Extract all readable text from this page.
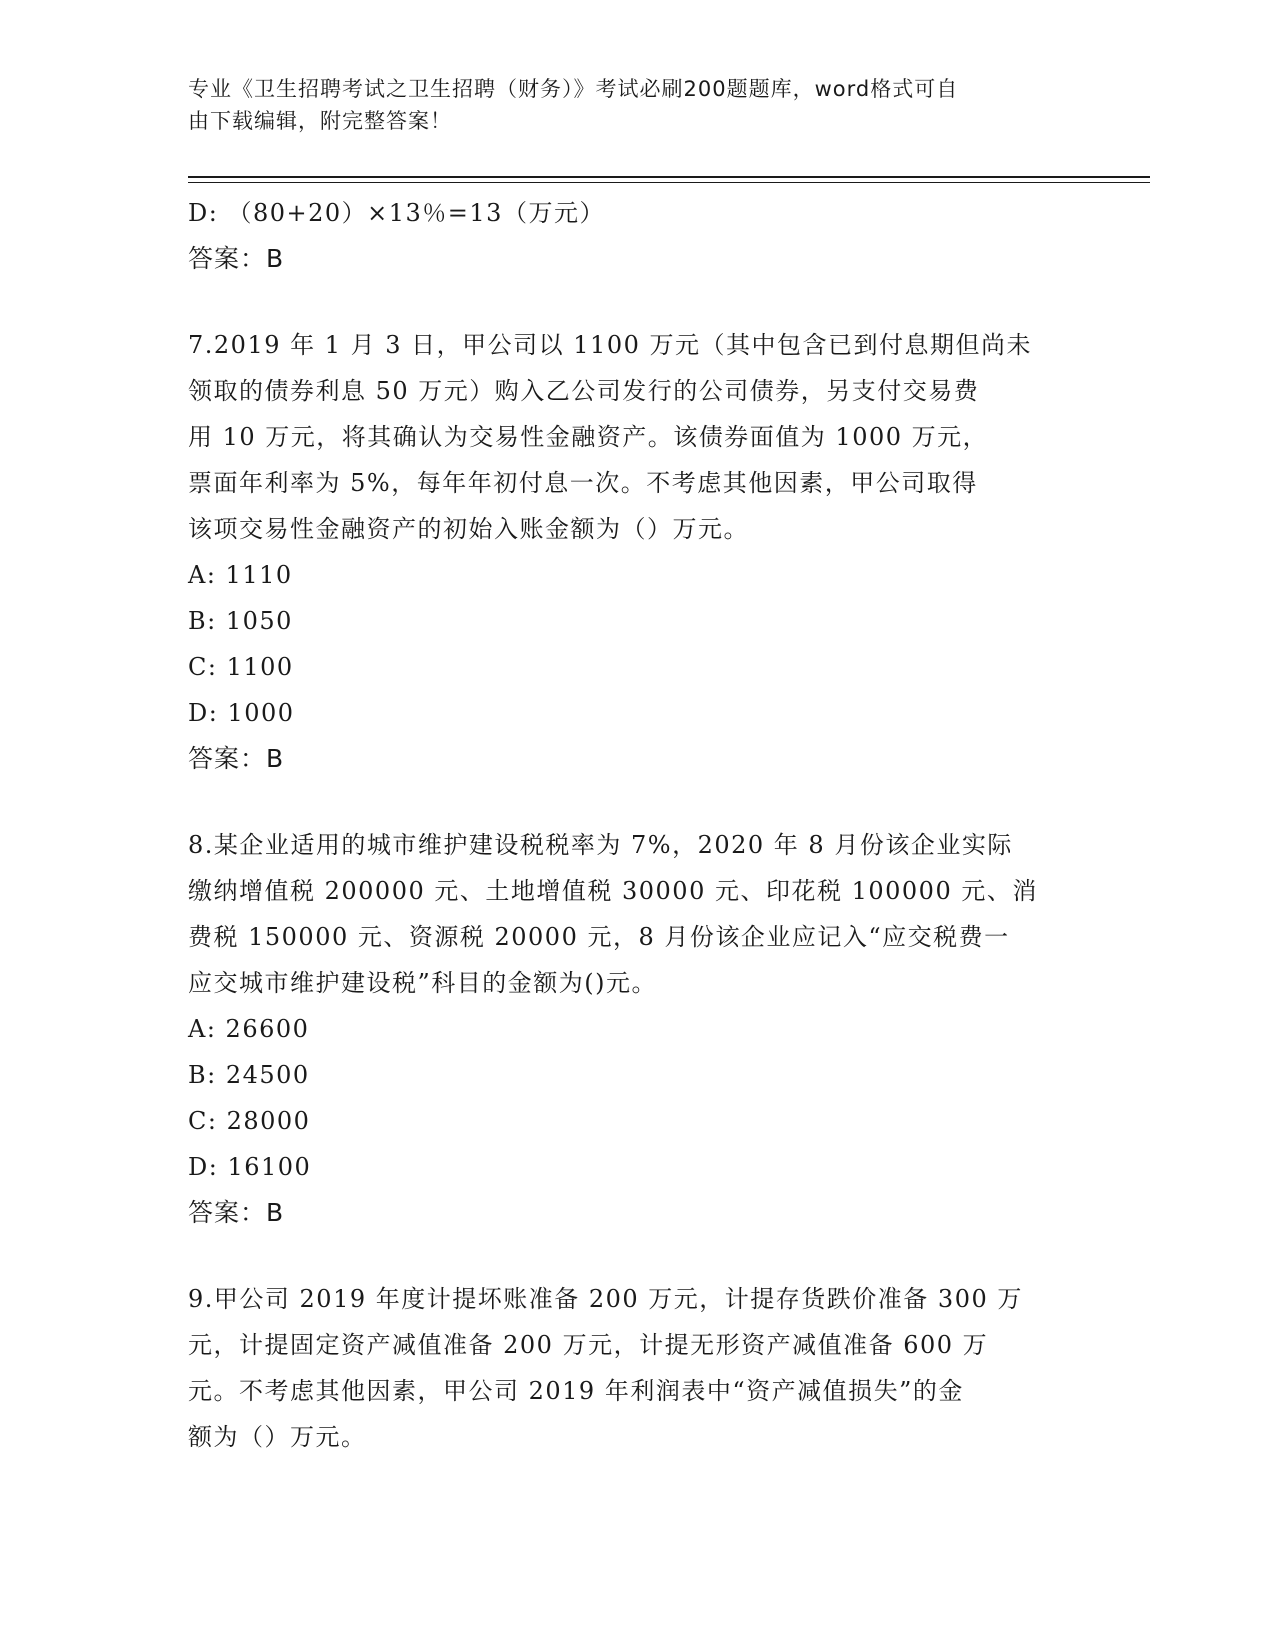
专业《卫生招聘考试之卫生招聘（财务）》考试必刷200题题库，word格式可自
由下载编辑，附完整答案！
D: （80+20）×13％=13（万元）
答案：B
7.2019 年 1 月 3 日，甲公司以 1100 万元（其中包含已到付息期但尚未
领取的债券利息 50 万元）购入乙公司发行的公司债券，另支付交易费
用 10 万元，将其确认为交易性金融资产。该债券面值为 1000 万元，
票面年利率为 5%，每年年初付息一次。不考虑其他因素，甲公司取得
该项交易性金融资产的初始入账金额为（）万元。
A: 1110
B: 1050
C: 1100
D: 1000
答案：B
8.某企业适用的城市维护建设税税率为 7%，2020 年 8 月份该企业实际
缴纳增值税 200000 元、土地增值税 30000 元、印花税 100000 元、消
费税 150000 元、资源税 20000 元，8 月份该企业应记入“应交税费一
应交城市维护建设税”科目的金额为()元。
A: 26600
B: 24500
C: 28000
D: 16100
答案：B
9.甲公司 2019 年度计提坏账准备 200 万元，计提存货跌价准备 300 万
元，计提固定资产减值准备 200 万元，计提无形资产减值准备 600 万
元。不考虑其他因素，甲公司 2019 年利润表中“资产减值损失”的金
额为（）万元。
